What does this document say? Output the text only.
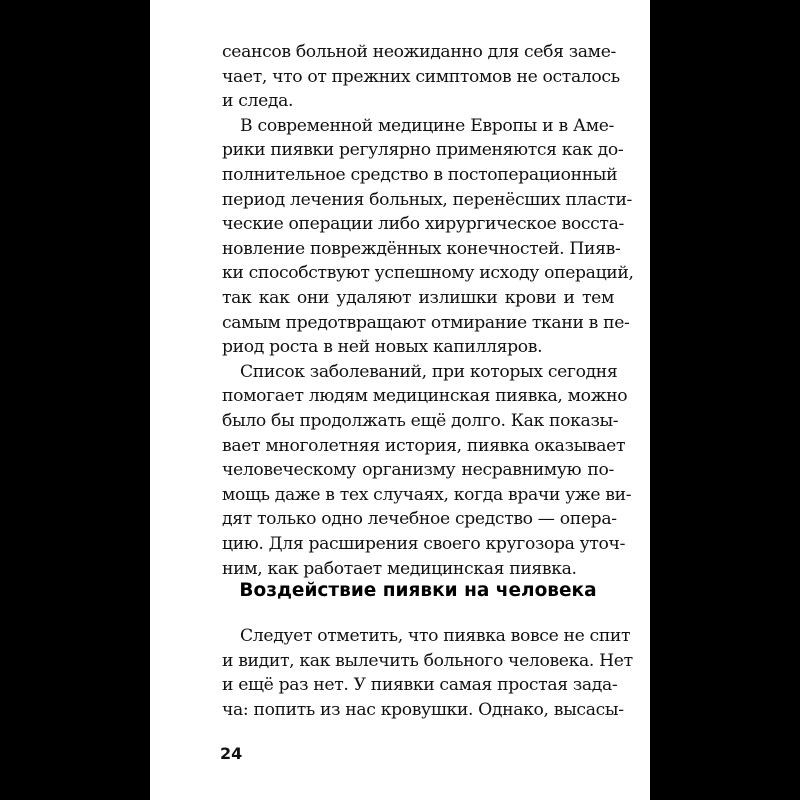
сеансов больной неожиданно для себя заме-
чает, что от прежних симптомов не осталось
и следа.
В современной медицине Европы и в Аме-
рики пиявки регулярно применяются как до-
полнительное средство в постоперационный
период лечения больных, перенёсших пласти-
ческие операции либо хирургическое восста-
новление повреждённых конечностей. Пияв-
ки способствуют успешному исходу операций,
так как они удаляют излишки крови и тем
самым предотвращают отмирание ткани в пе-
риод роста в ней новых капилляров.
Список заболеваний, при которых сегодня
помогает людям медицинская пиявка, можно
было бы продолжать ещё долго. Как показы-
вает многолетняя история, пиявка оказывает
человеческому организму несравнимую по-
мощь даже в тех случаях, когда врачи уже ви-
дят только одно лечебное средство — опера-
цию. Для расширения своего кругозора уточ-
ним, как работает медицинская пиявка.
Воздействие пиявки на человека
Следует отметить, что пиявка вовсе не спит
и видит, как вылечить больного человека. Нет
и ещё раз нет. У пиявки самая простая зада-
ча: попить из нас кровушки. Однако, высасы-
24
